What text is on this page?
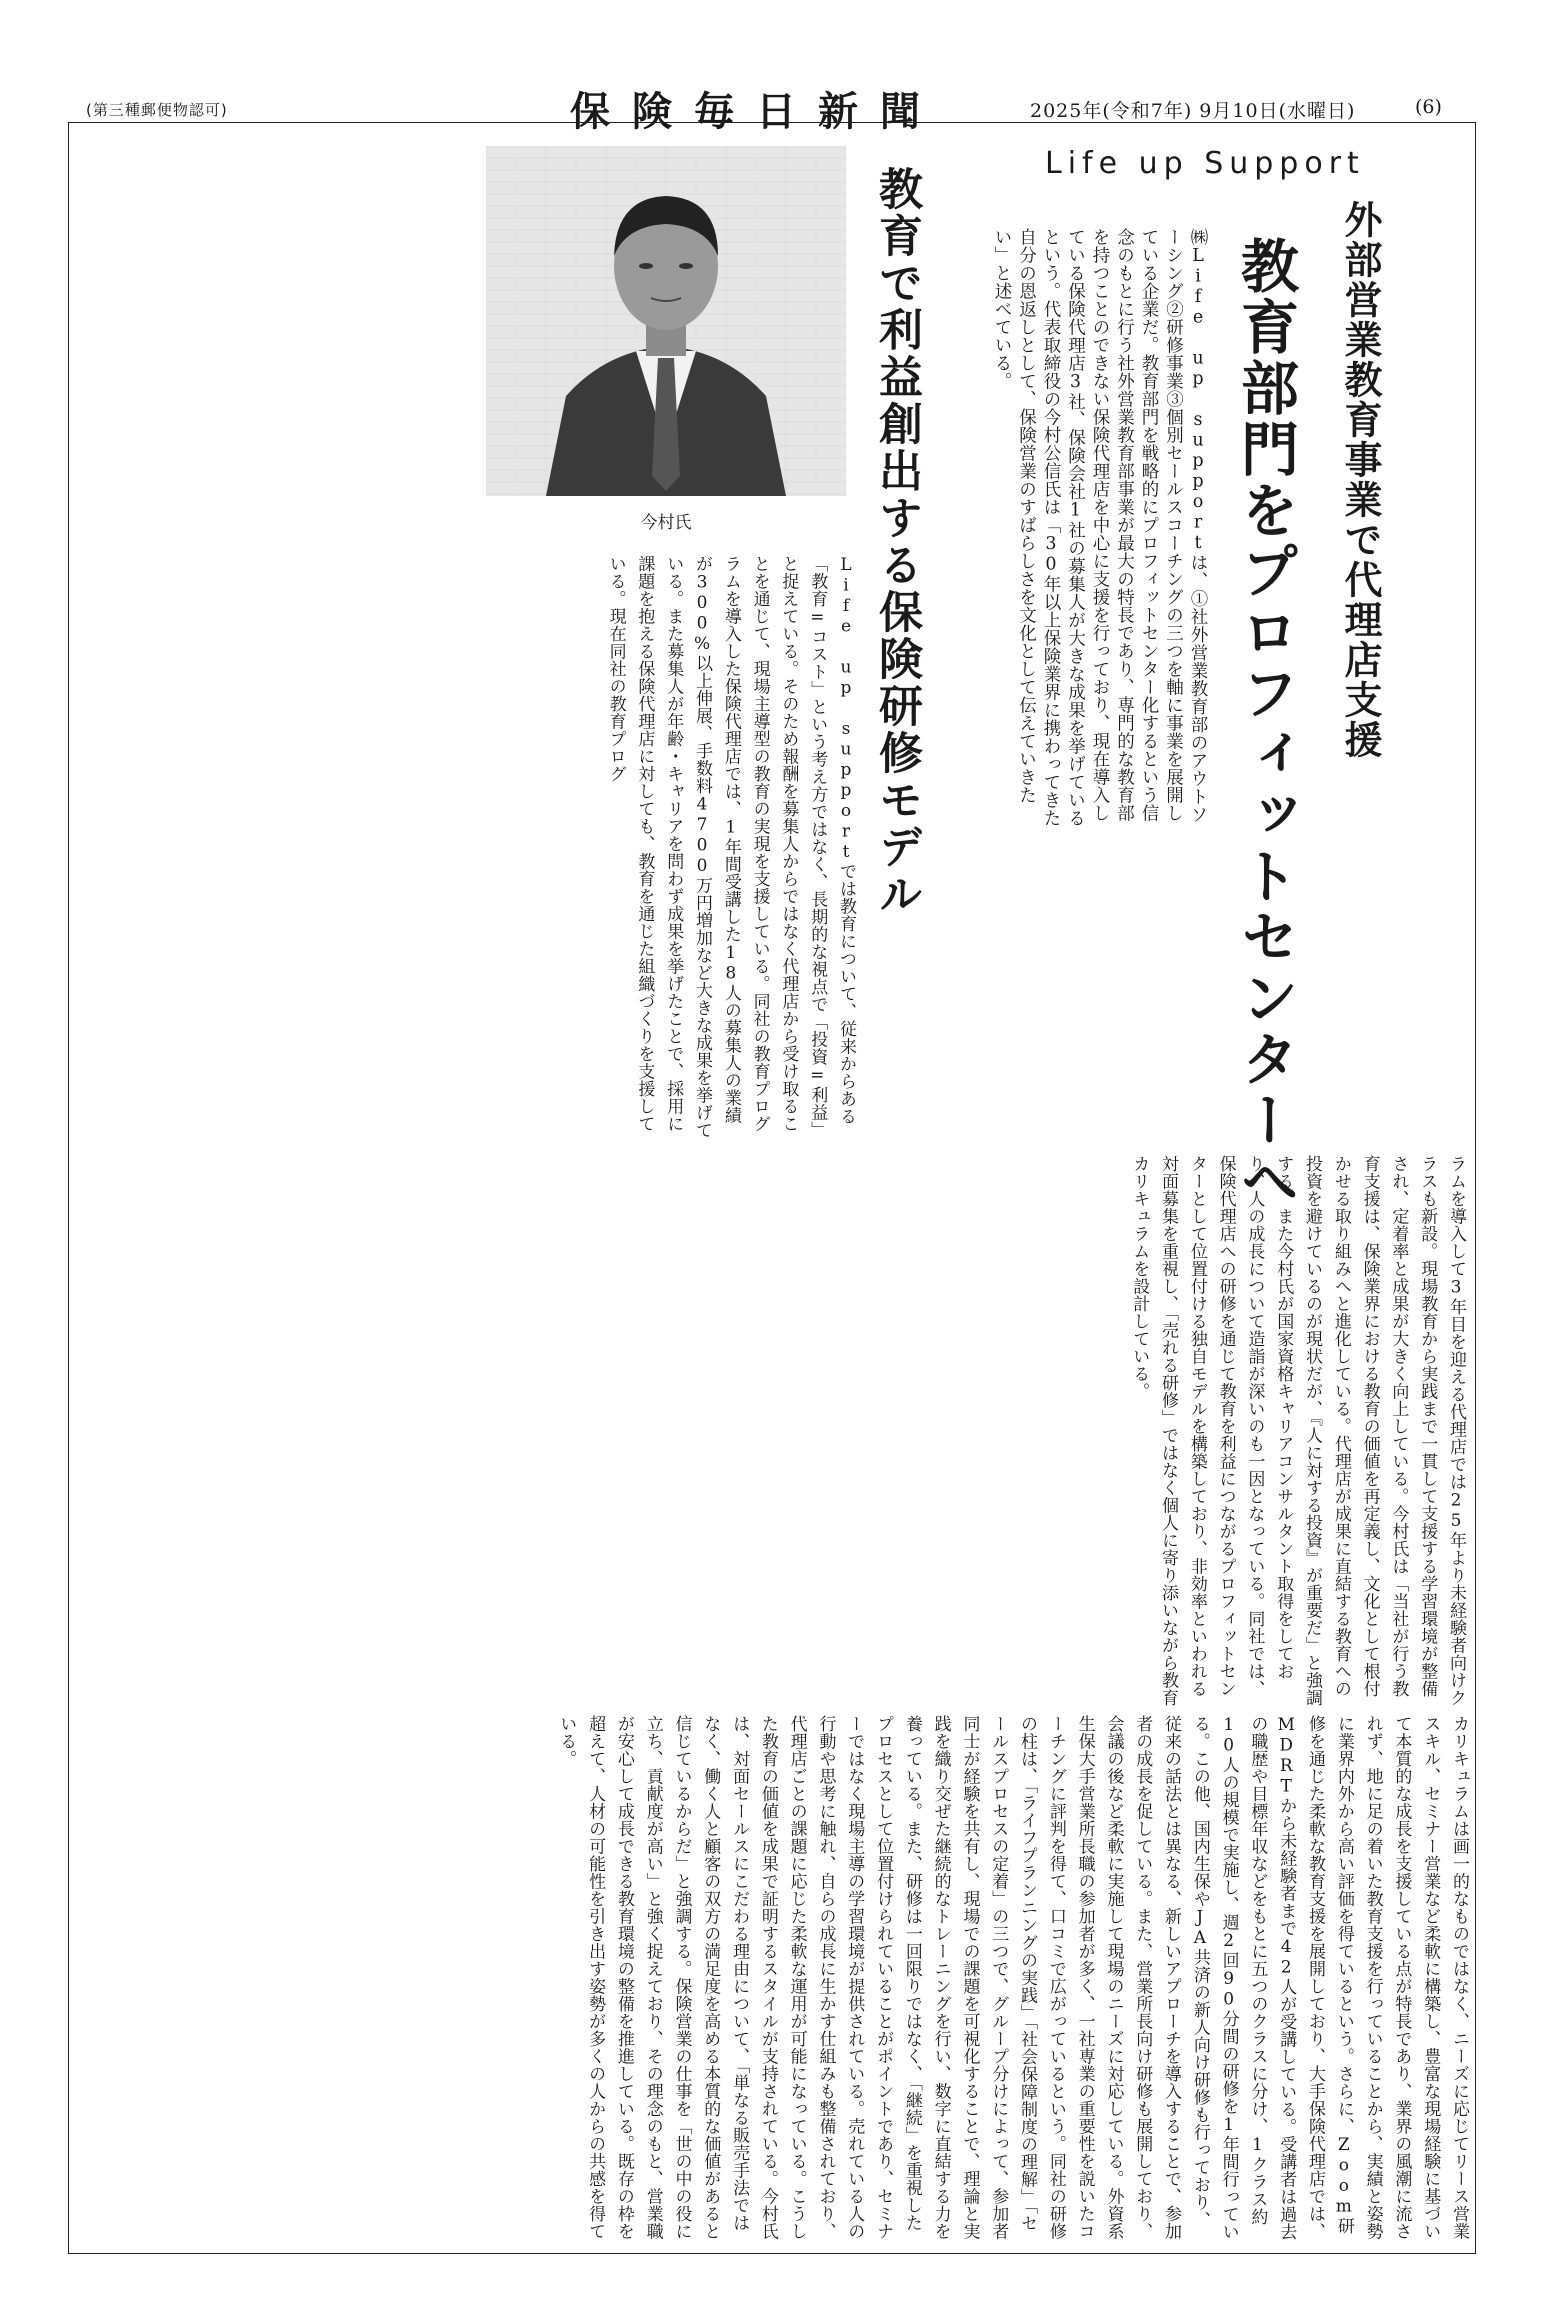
(第三種郵便物認可)	保険毎日新聞	2025年(令和7年) 9月10日(水曜日)	(6)
Life up Support
外部営業教育事業で代理店支援
教育部門をプロフィットセンターへ
㈱Life up supportは、①社外営業教育部のアウトソーシング②研修事業③個別セールスコーチングの三つを軸に事業を展開している企業だ。教育部門を戦略的にプロフィットセンター化するという信念のもとに行う社外営業教育部事業が最大の特長であり、専門的な教育部を持つことのできない保険代理店を中心に支援を行っており、現在導入している保険代理店3社、保険会社1社の募集人が大きな成果を挙げているという。代表取締役の今村公信氏は「30年以上保険業界に携わってきた自分の恩返しとして、保険営業のすばらしさを文化として伝えていきたい」と述べている。
教育で利益創出する保険研修モデル
今村氏
Life up supportでは教育について、従来からある「教育=コスト」という考え方ではなく、長期的な視点で「投資=利益」と捉えている。そのため報酬を募集人からではなく代理店から受け取ることを通じて、現場主導型の教育の実現を支援している。同社の教育プログラムを導入した保険代理店では、1年間受講した18人の募集人の業績が300%以上伸展、手数料4700万円増加など大きな成果を挙げている。また募集人が年齢・キャリアを問わず成果を挙げたことで、採用に課題を抱える保険代理店に対しても、教育を通じた組織づくりを支援している。現在同社の教育プログ
ラムを導入して3年目を迎える代理店では25年より未経験者向けクラスも新設。現場教育から実践まで一貫して支援する学習環境が整備され、定着率と成果が大きく向上している。今村氏は「当社が行う教育支援は、保険業界における教育の価値を再定義し、文化として根付かせる取り組みへと進化している。代理店が成果に直結する教育への投資を避けているのが現状だが、『人に対する投資』が重要だ」と強調する。また今村氏が国家資格キャリアコンサルタント取得をしており、人の成長について造詣が深いのも一因となっている。同社では、保険代理店への研修を通じて教育を利益につながるプロフィットセンターとして位置付ける独自モデルを構築しており、非効率といわれる対面募集を重視し、「売れる研修」ではなく個人に寄り添いながら教育カリキュラムを設計している。
カリキュラムは画一的なものではなく、ニーズに応じてリース営業スキル、セミナー営業など柔軟に構築し、豊富な現場経験に基づいて本質的な成長を支援している点が特長であり、業界の風潮に流されず、地に足の着いた教育支援を行っていることから、実績と姿勢に業界内外から高い評価を得ているという。さらに、Zoom研修を通じた柔軟な教育支援を展開しており、大手保険代理店では、MDRTから未経験者まで42人が受講している。受講者は過去の職歴や目標年収などをもとに五つのクラスに分け、1クラス約10人の規模で実施し、週2回90分間の研修を1年間行っている。この他、国内生保やJA共済の新人向け研修も行っており、従来の話法とは異なる、新しいアプローチを導入することで、参加者の成長を促している。また、営業所長向け研修も展開しており、会議の後など柔軟に実施して現場のニーズに対応している。外資系生保大手営業所長職の参加者が多く、一社専業の重要性を説いたコーチングに評判を得て、口コミで広がっているという。同社の研修の柱は、「ライフプランニングの実践」「社会保障制度の理解」「セールスプロセスの定着」の三つで、グループ分けによって、参加者同士が経験を共有し、現場での課題を可視化することで、理論と実践を織り交ぜた継続的なトレーニングを行い、数字に直結する力を養っている。また、研修は一回限りではなく、「継続」を重視したプロセスとして位置付けられていることがポイントであり、セミナーではなく現場主導の学習環境が提供されている。売れている人の行動や思考に触れ、自らの成長に生かす仕組みも整備されており、代理店ごとの課題に応じた柔軟な運用が可能になっている。こうした教育の価値を成果で証明するスタイルが支持されている。今村氏は、対面セールスにこだわる理由について、「単なる販売手法ではなく、働く人と顧客の双方の満足度を高める本質的な価値があると信じているからだ」と強調する。保険営業の仕事を「世の中の役に立ち、貢献度が高い」と強く捉えており、その理念のもと、営業職が安心して成長できる教育環境の整備を推進している。既存の枠を超えて、人材の可能性を引き出す姿勢が多くの人からの共感を得ている。
